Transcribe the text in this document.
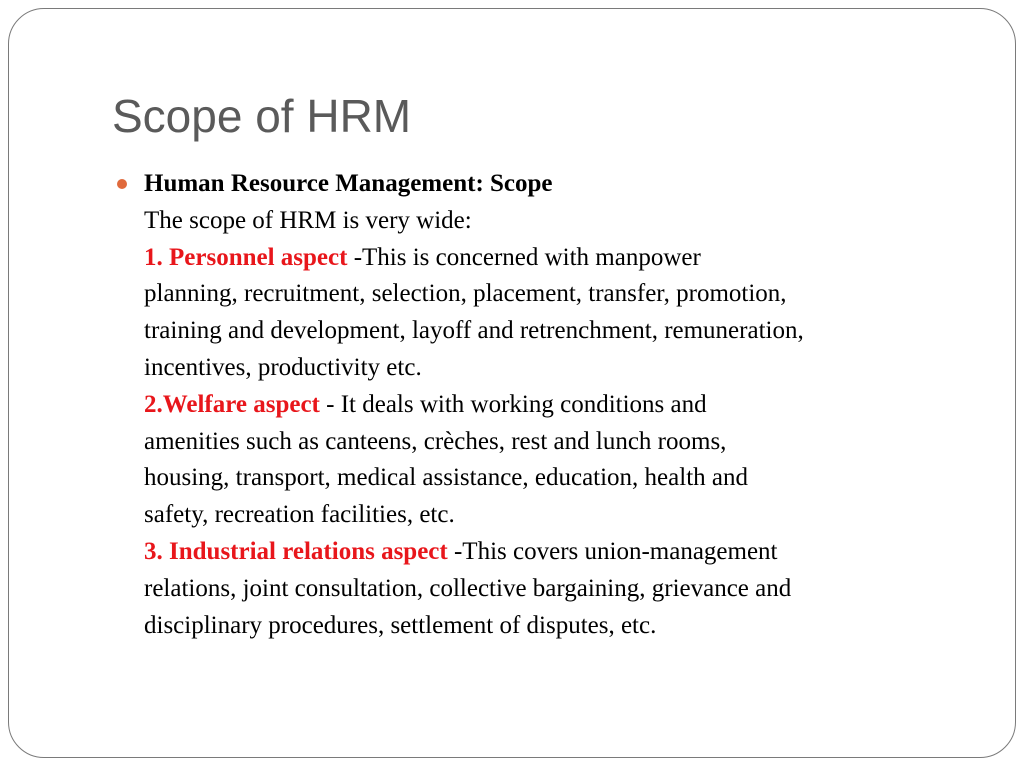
Scope of HRM
Human Resource Management: Scope
The scope of HRM is very wide:
1. Personnel aspect -This is concerned with manpower
planning, recruitment, selection, placement, transfer, promotion,
training and development, layoff and retrenchment, remuneration,
incentives, productivity etc.
2.Welfare aspect - It deals with working conditions and
amenities such as canteens, crèches, rest and lunch rooms,
housing, transport, medical assistance, education, health and
safety, recreation facilities, etc.
3. Industrial relations aspect -This covers union-management
relations, joint consultation, collective bargaining, grievance and
disciplinary procedures, settlement of disputes, etc.
